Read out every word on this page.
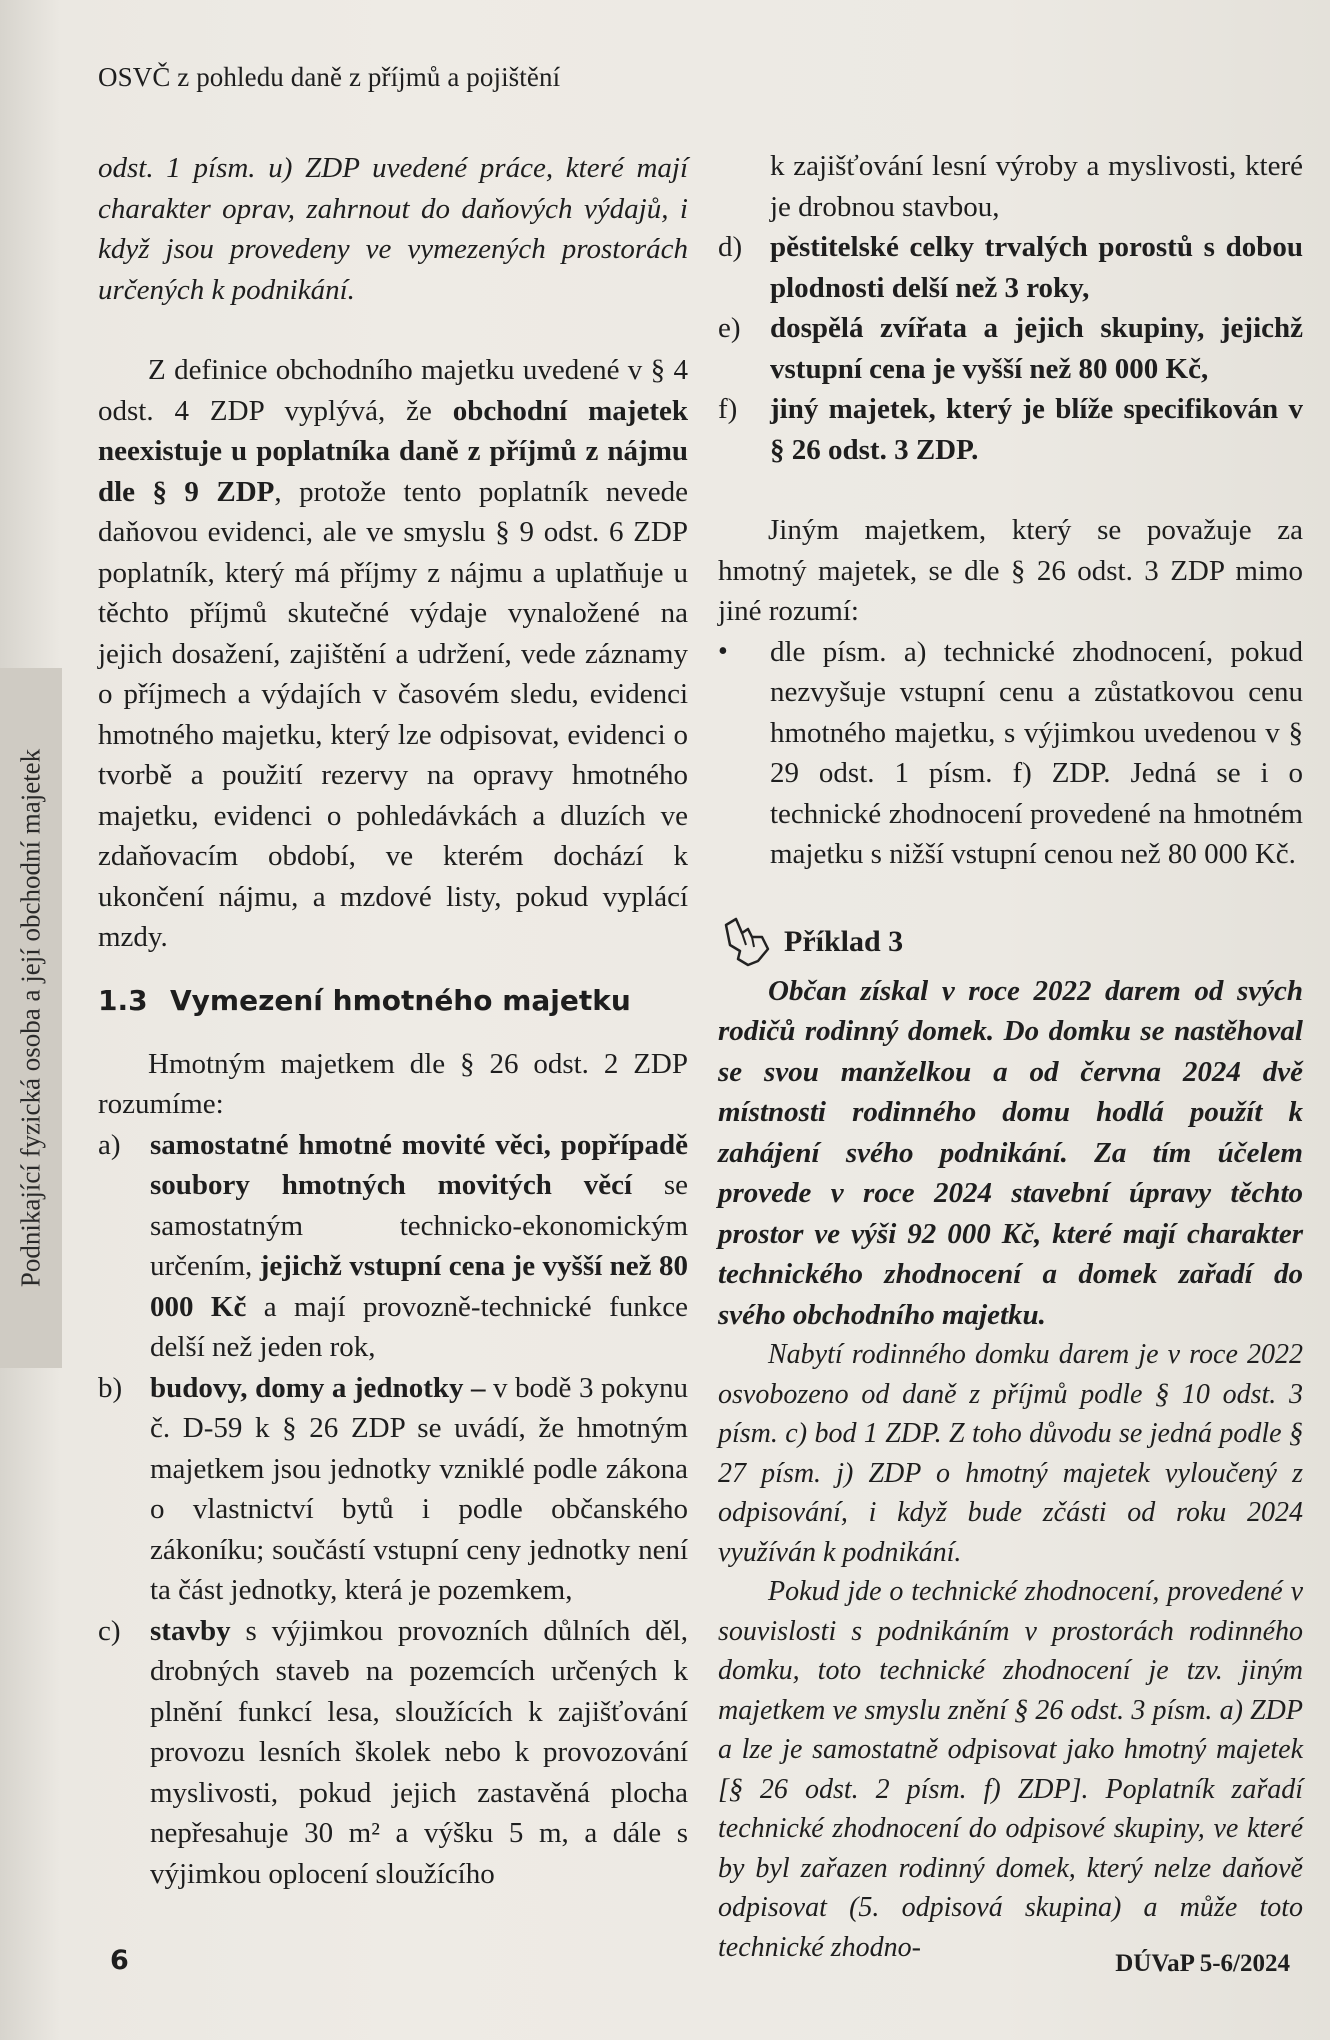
OSVČ z pohledu daně z příjmů a pojištění
Podnikající fyzická osoba a její obchodní majetek

odst. 1 písm. u) ZDP uvedené práce, které mají charakter oprav, zahrnout do daňových výdajů, i když jsou provedeny ve vymezených prostorách určených k podnikání.

Z definice obchodního majetku uvedené v § 4 odst. 4 ZDP vyplývá, že obchodní majetek neexistuje u poplatníka daně z příjmů z nájmu dle § 9 ZDP, protože tento poplatník nevede daňovou evidenci, ale ve smyslu § 9 odst. 6 ZDP poplatník, který má příjmy z nájmu a uplatňuje u těchto příjmů skutečné výdaje vynaložené na jejich dosažení, zajištění a udržení, vede záznamy o příjmech a výdajích v časovém sledu, evidenci hmotného majetku, který lze odpisovat, evidenci o tvorbě a použití rezervy na opravy hmotného majetku, evidenci o pohledávkách a dluzích ve zdaňovacím období, ve kterém dochází k ukončení nájmu, a mzdové listy, pokud vyplácí mzdy.

1.3 Vymezení hmotného majetku

Hmotným majetkem dle § 26 odst. 2 ZDP rozumíme:

a)	samostatné hmotné movité věci, popřípadě soubory hmotných movitých věcí se samostatným technicko-ekonomickým určením, jejichž vstupní cena je vyšší než 80 000 Kč a mají provozně-technické funkce delší než jeden rok,
b) budovy, domy a jednotky – v bodě 3 pokynu č. D-59 k § 26 ZDP se uvádí, že hmotným majetkem jsou jednotky vzniklé podle zákona o vlastnictví bytů i podle občanského zákoníku; součástí vstupní ceny jednotky není ta část jednotky, která je pozemkem,
c)	stavby s výjimkou provozních důlních děl, drobných staveb na pozemcích určených k plnění funkcí lesa, sloužících k zajišťování provozu lesních školek nebo k provozování myslivosti, pokud jejich zastavěná plocha nepřesahuje 30 m² a výšku 5 m, a dále s výjimkou oplocení sloužícího
k zajišťování lesní výroby a myslivosti, které je drobnou stavbou,
d) pěstitelské celky trvalých porostů s dobou plodnosti delší než 3 roky,
e)	dospělá zvířata a jejich skupiny, jejichž vstupní cena je vyšší než 80 000 Kč,
f)	jiný majetek, který je blíže specifikován v § 26 odst. 3 ZDP.

Jiným majetkem, který se považuje za hmotný majetek, se dle § 26 odst. 3 ZDP mimo jiné rozumí:

•	dle písm. a) technické zhodnocení, pokud nezvyšuje vstupní cenu a zůstatkovou cenu hmotného majetku, s výjimkou uvedenou v § 29 odst. 1 písm. f) ZDP. Jedná se i o technické zhodnocení provedené na hmotném majetku s nižší vstupní cenou než 80 000 Kč.
Příklad 3

Občan získal v roce 2022 darem od svých rodičů rodinný domek. Do domku se nastěhoval se svou manželkou a od června 2024 dvě místnosti rodinného domu hodlá použít k zahájení svého podnikání. Za tím účelem provede v roce 2024 stavební úpravy těchto prostor ve výši 92 000 Kč, které mají charakter technického zhodnocení a domek zařadí do svého obchodního majetku.

Nabytí rodinného domku darem je v roce 2022 osvobozeno od daně z příjmů podle § 10 odst. 3 písm. c) bod 1 ZDP. Z toho důvodu se jedná podle § 27 písm. j) ZDP o hmotný majetek vyloučený z odpisování, i když bude zčásti od roku 2024 využíván k podnikání.

Pokud jde o technické zhodnocení, provedené v souvislosti s podnikáním v prostorách rodinného domku, toto technické zhodnocení je tzv. jiným majetkem ve smyslu znění § 26 odst. 3 písm. a) ZDP a lze je samostatně odpisovat jako hmotný majetek [§ 26 odst. 2 písm. f) ZDP]. Poplatník zařadí technické zhodnocení do odpisové skupiny, ve které by byl zařazen rodinný domek, který nelze daňově odpisovat (5. odpisová skupina) a může toto technické zhodno-

6	DÚVaP 5-6/2024
